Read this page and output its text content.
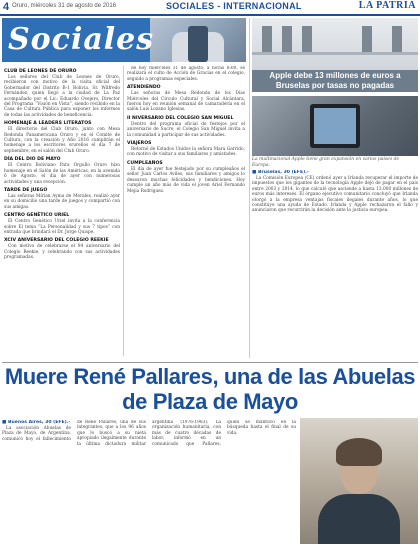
4 Oruro, miércoles 31 de agosto de 2016	SOCIALES - INTERNACIONAL	LA PATRIA
Sociales
CLUB DE LEONES DE ORURO

Los señores del Club de Leones de Oruro, recibieron con motivo de la visita oficial del Gobernador del Distrito B-1 Bolivia, Sr. Wilfredo Fernández, quien llegó a la ciudad de La Paz acompañado por el Lic. Eduardo Ovejero, Director del Programa “Visión en Vista”, siendo recibido en la Casa de Cultura Pública para exponer los informes de todas las actividades de beneficencia.

HOMENAJE A LEADERS LITERATOS

El directorio del Club Oruro, junto con Mesa Redonda Panamericana Oruro y en el Comité de Cultura, con la creación y Año 2016 cumplirán el homenaje a los escritores orureños el día 7 de septiembre, en el salón del Club Oruro.

DÍA DEL DIO DE MAYO

El Centro Boliviano Para Orgullo Oruro hizo homenaje en el Salón de las Américas, en la avenida 6 de Agosto, el día de ayer con numerosas actividades y una recepción.

TARDE DE JUEGO

Las señoras Mírian Ayma de Morales, realizó ayer en su domicilio una tarde de juegos y compartió con sus amigas.

CENTRO GENÉTICO URIEL

El Centro Genético Uriel invita a la conferencia sobre El tema “La Personalidad y sus 7 tipos” con entrada que brindará el Dr. Jorge Quispe.

XCIV ANIVERSARIO DEL COLEGIO REEKIE

Con motivo de celebrarse el 94 aniversario del Colegio Reekie, y celebrando con sus actividades programadas.

de hoy miércoles 31 de agosto, a horas 8:00, se realizará el culto de Acción de Gracias en el colegio, seguido a programas especiales.

ATENDIENDO

Las señoras de Mesa Redonda de los Días Miércoles del Círculo Cultural y Social Alcántara, fueron hoy en reunión semanal de camaradería en el salón Luis Lozano Iglesias.

II NIVERSARIO DEL COLEGIO SAN MIGUEL

Dentro del programa oficial de festejos por el aniversario de Sucre, el Colegio San Miguel invita a la comunidad a participar de sus actividades.

VIAJEROS

Retornó de Estados Unidos la señora Mara Garrido, con motivo de visitar a sus familiares y amistades.

CUMPLEAÑOS

El día de ayer fue festejado por su cumpleaños el señor Juan Carlos Aviles, sus familiares y amigos lo desearon muchas felicidades y bendiciones. Hoy cumple un año más de vida el joven Ariel Fernando Mejía Rodríguez.

Apple debe 13 millones de euros a Bruselas por tasas no pagadas
La multinacional Apple tiene gran expansión en varios países de Europa.
■ Bruselas, 30 (EFE).-

La Comisión Europea (CE) ordenó ayer a Irlanda recuperar el importe de impuestos que los gigantes de la tecnología Apple dejó de pagar en el país entre 2003 y 2014, lo que calculó que asciende a hasta 13.000 millones de euros más intereses. El órgano ejecutivo comunitario concluyó que Irlanda otorgó a la empresa ventajas fiscales ilegales durante años, lo que constituye una ayuda de Estado. Irlanda y Apple rechazaron el fallo y anunciaron que recurrirán la decisión ante la justicia europea.

Muere René Pallares, una de las Abuelas de Plaza de Mayo
■ Buenos Aires, 30 (EFE).-

La asociación Abuelas de Plaza de Mayo, de Argentina, comunicó hoy el fallecimiento de René Pallares, una de sus integrantes, que a los 96 años que lo buscó a su nieta apropiado ilegalmente durante la última dictadura militar argentina (1976-1983). La organización humanitaria, con más de cuatro décadas de labor, informó en un comunicado que Pallares, quien se mantuvo en la búsqueda hasta el final de su vida.
